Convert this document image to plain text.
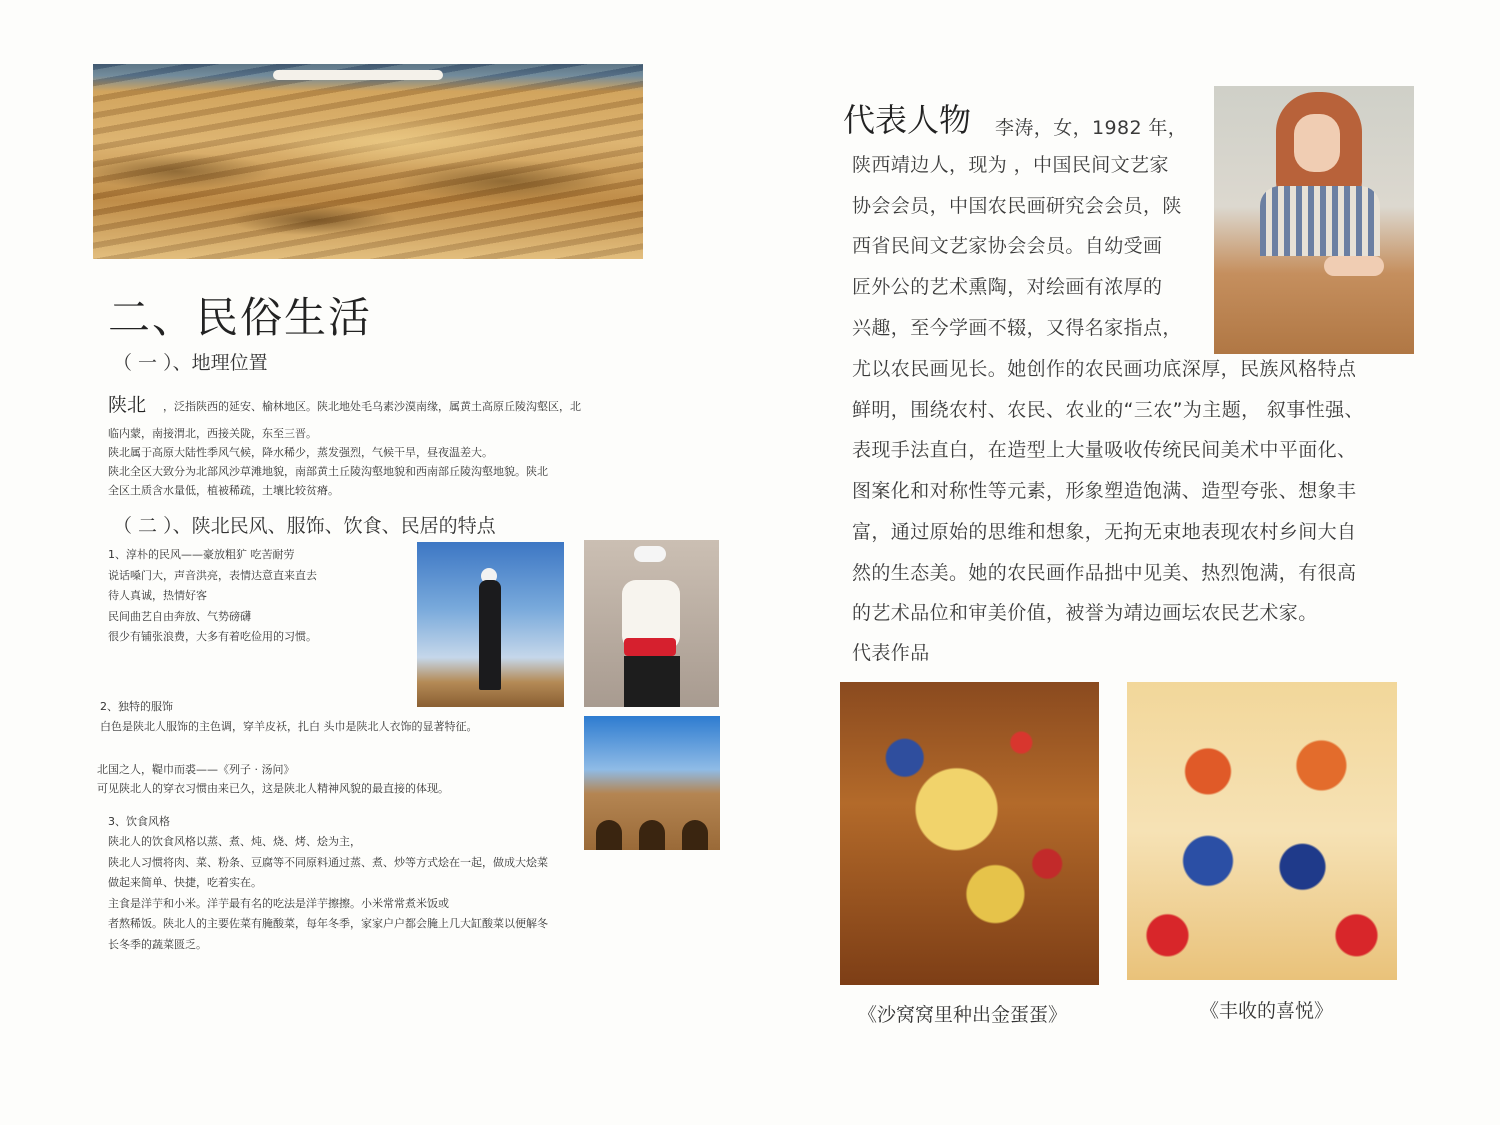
二、民俗生活
（ 一 ）、地理位置
陕北 ，泛指陕西的延安、榆林地区。陕北地处毛乌素沙漠南缘，属黄土高原丘陵沟壑区，北
临内蒙，南接渭北，西接关陇，东至三晋。
陕北属于高原大陆性季风气候，降水稀少，蒸发强烈，气候干旱，昼夜温差大。
陕北全区大致分为北部风沙草滩地貌，南部黄土丘陵沟壑地貌和西南部丘陵沟壑地貌。陕北
全区土质含水量低，植被稀疏，土壤比较贫瘠。
（ 二 ）、陕北民风、服饰、饮食、民居的特点
1、淳朴的民风——豪放粗犷 吃苦耐劳
说话嗓门大，声音洪亮，表情达意直来直去
待人真诚，热情好客
民间曲艺自由奔放、气势磅礴
很少有铺张浪费，大多有着吃俭用的习惯。
2、独特的服饰
白色是陕北人服饰的主色调，穿羊皮袄，扎白 头巾是陕北人衣饰的显著特征。
北国之人，鞮巾而裘——《列子 · 汤问》
可见陕北人的穿衣习惯由来已久，这是陕北人精神风貌的最直接的体现。
3、饮食风格
陕北人的饮食风格以蒸、煮、炖、烧、烤、烩为主，
陕北人习惯将肉、菜、粉条、豆腐等不同原料通过蒸、煮、炒等方式烩在一起，做成大烩菜
做起来简单、快捷，吃着实在。
主食是洋芋和小米。洋芋最有名的吃法是洋芋擦擦。小米常常煮米饭或
者熬稀饭。陕北人的主要佐菜有腌酸菜，每年冬季，家家户户都会腌上几大缸酸菜以便解冬
长冬季的蔬菜匮乏。
代表人物 李涛，女，1982 年，
陕西靖边人，现为 ，中国民间文艺家
协会会员，中国农民画研究会会员，陕
西省民间文艺家协会会员。自幼受画
匠外公的艺术熏陶，对绘画有浓厚的
兴趣，至今学画不辍，又得名家指点，
尤以农民画见长。她创作的农民画功底深厚，民族风格特点
鲜明，围绕农村、农民、农业的“三农”为主题， 叙事性强、
表现手法直白，在造型上大量吸收传统民间美术中平面化、
图案化和对称性等元素，形象塑造饱满、造型夸张、想象丰
富，通过原始的思维和想象，无拘无束地表现农村乡间大自
然的生态美。她的农民画作品拙中见美、热烈饱满，有很高
的艺术品位和审美价值，被誉为靖边画坛农民艺术家。
代表作品
《沙窝窝里种出金蛋蛋》	《丰收的喜悦》
